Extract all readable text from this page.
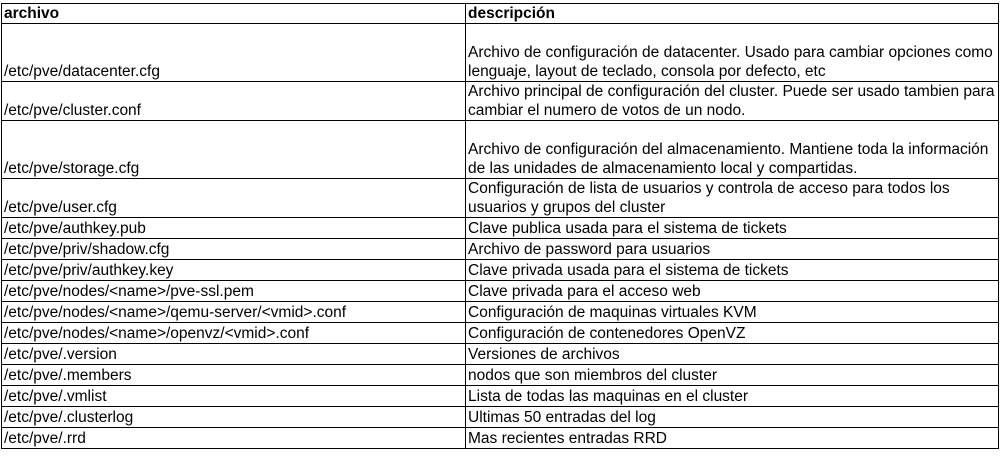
archivo	descripción
/etc/pve/datacenter.cfg	Archivo de configuración de datacenter. Usado para cambiar opciones como lenguaje, layout de teclado, consola por defecto, etc
/etc/pve/cluster.conf	Archivo principal de configuración del cluster. Puede ser usado tambien para cambiar el numero de votos de un nodo.
/etc/pve/storage.cfg	Archivo de configuración del almacenamiento. Mantiene toda la información de las unidades de almacenamiento local y compartidas.
/etc/pve/user.cfg	Configuración de lista de usuarios y controla de acceso para todos los usuarios y grupos del cluster
/etc/pve/authkey.pub	Clave publica usada para el sistema de tickets
/etc/pve/priv/shadow.cfg	Archivo de password para usuarios
/etc/pve/priv/authkey.key	Clave privada usada para el sistema de tickets
/etc/pve/nodes/<name>/pve-ssl.pem	Clave privada para el acceso web
/etc/pve/nodes/<name>/qemu-server/<vmid>.conf	Configuración de maquinas virtuales KVM
/etc/pve/nodes/<name>/openvz/<vmid>.conf	Configuración de contenedores OpenVZ
/etc/pve/.version	Versiones de archivos
/etc/pve/.members	nodos que son miembros del cluster
/etc/pve/.vmlist	Lista de todas las maquinas en el cluster
/etc/pve/.clusterlog	Ultimas 50 entradas del log
/etc/pve/.rrd	Mas recientes entradas RRD
